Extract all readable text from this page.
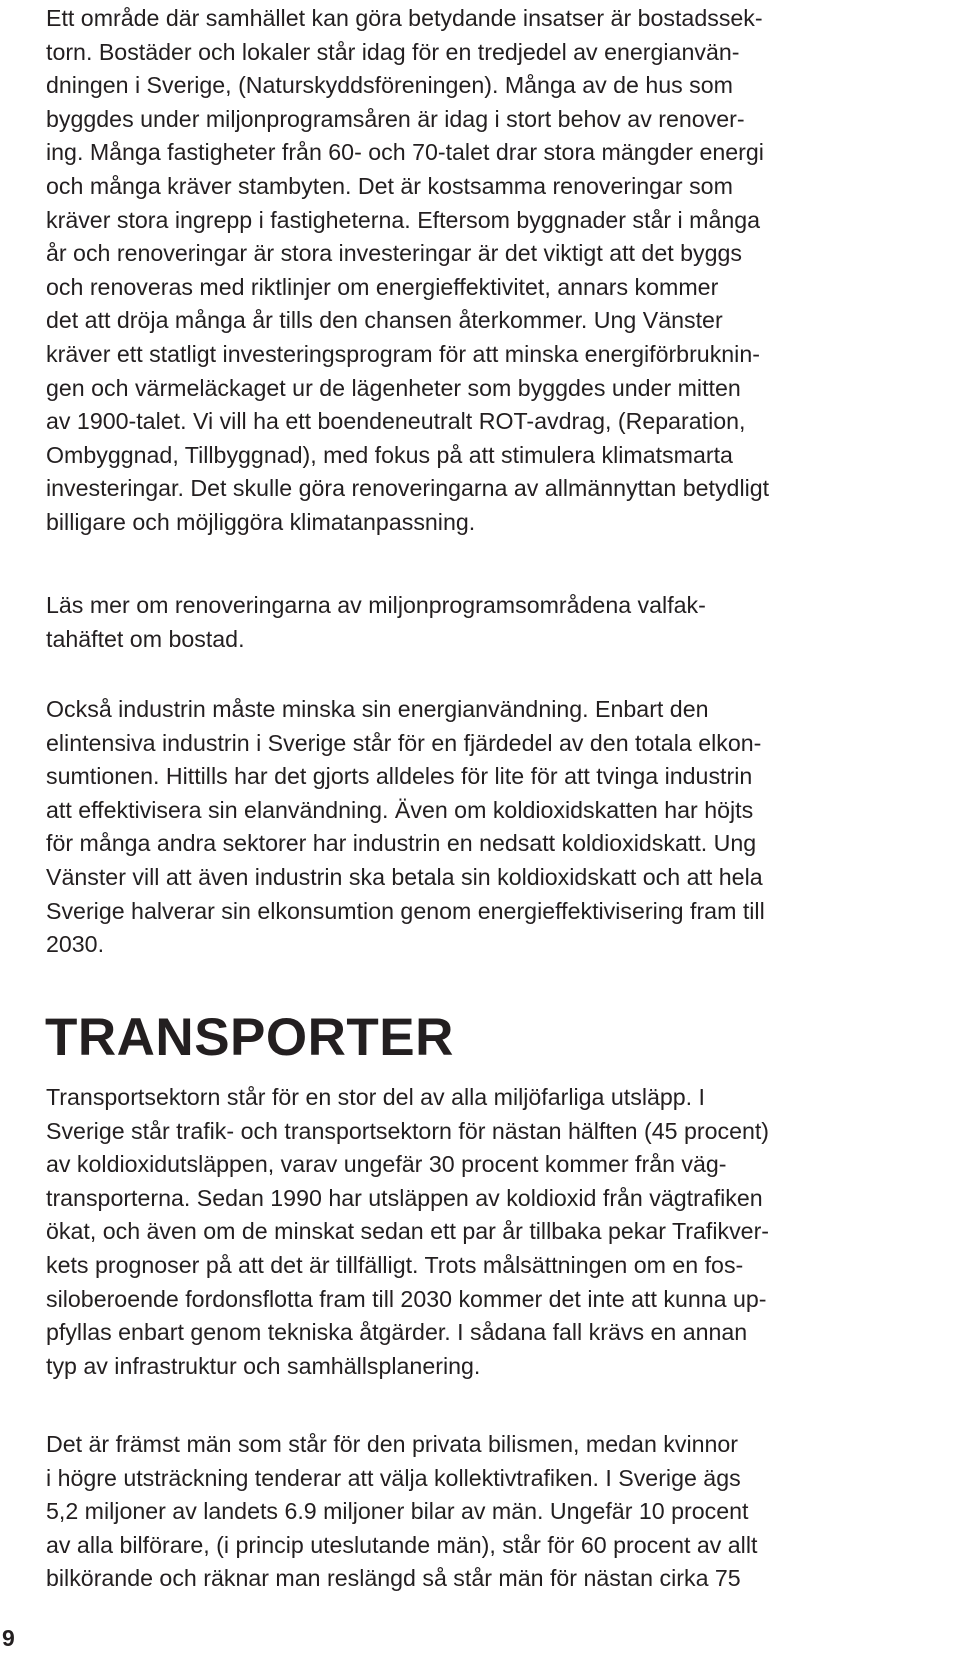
Ett område där samhället kan göra betydande insatser är bostadssek-
torn. Bostäder och lokaler står idag för en tredjedel av energianvän-
dningen i Sverige, (Naturskyddsföreningen). Många av de hus som
byggdes under miljonprogramsåren är idag i stort behov av renover-
ing. Många fastigheter från 60- och 70-talet drar stora mängder energi
och många kräver stambyten. Det är kostsamma renoveringar som
kräver stora ingrepp i fastigheterna. Eftersom byggnader står i många
år och renoveringar är stora investeringar är det viktigt att det byggs
och renoveras med riktlinjer om energieffektivitet, annars kommer
det att dröja många år tills den chansen återkommer. Ung Vänster
kräver ett statligt investeringsprogram för att minska energiförbruknin-
gen och värmeläckaget ur de lägenheter som byggdes under mitten
av 1900-talet. Vi vill ha ett boendeneutralt ROT-avdrag, (Reparation,
Ombyggnad, Tillbyggnad), med fokus på att stimulera klimatsmarta
investeringar. Det skulle göra renoveringarna av allmännyttan betydligt
billigare och möjliggöra klimatanpassning.
Läs mer om renoveringarna av miljonprogramsområdena valfak-
tahäftet om bostad.
Också industrin måste minska sin energianvändning. Enbart den
elintensiva industrin i Sverige står för en fjärdedel av den totala elkon-
sumtionen. Hittills har det gjorts alldeles för lite för att tvinga industrin
att effektivisera sin elanvändning. Även om koldioxidskatten har höjts
för många andra sektorer har industrin en nedsatt koldioxidskatt. Ung
Vänster vill att även industrin ska betala sin koldioxidskatt och att hela
Sverige halverar sin elkonsumtion genom energieffektivisering fram till
2030.
TRANSPORTER
Transportsektorn står för en stor del av alla miljöfarliga utsläpp. I
Sverige står trafik- och transportsektorn för nästan hälften (45 procent)
av koldioxidutsläppen, varav ungefär 30 procent kommer från väg-
transporterna. Sedan 1990 har utsläppen av koldioxid från vägtrafiken
ökat, och även om de minskat sedan ett par år tillbaka pekar Trafikver-
kets prognoser på att det är tillfälligt. Trots målsättningen om en fos-
siloberoende fordonsflotta fram till 2030 kommer det inte att kunna up-
pfyllas enbart genom tekniska åtgärder. I sådana fall krävs en annan
typ av infrastruktur och samhällsplanering.
Det är främst män som står för den privata bilismen, medan kvinnor
i högre utsträckning tenderar att välja kollektivtrafiken. I Sverige ägs
5,2 miljoner av landets 6.9 miljoner bilar av män. Ungefär 10 procent
av alla bilförare, (i princip uteslutande män), står för 60 procent av allt
bilkörande och räknar man reslängd så står män för nästan cirka 75
9
